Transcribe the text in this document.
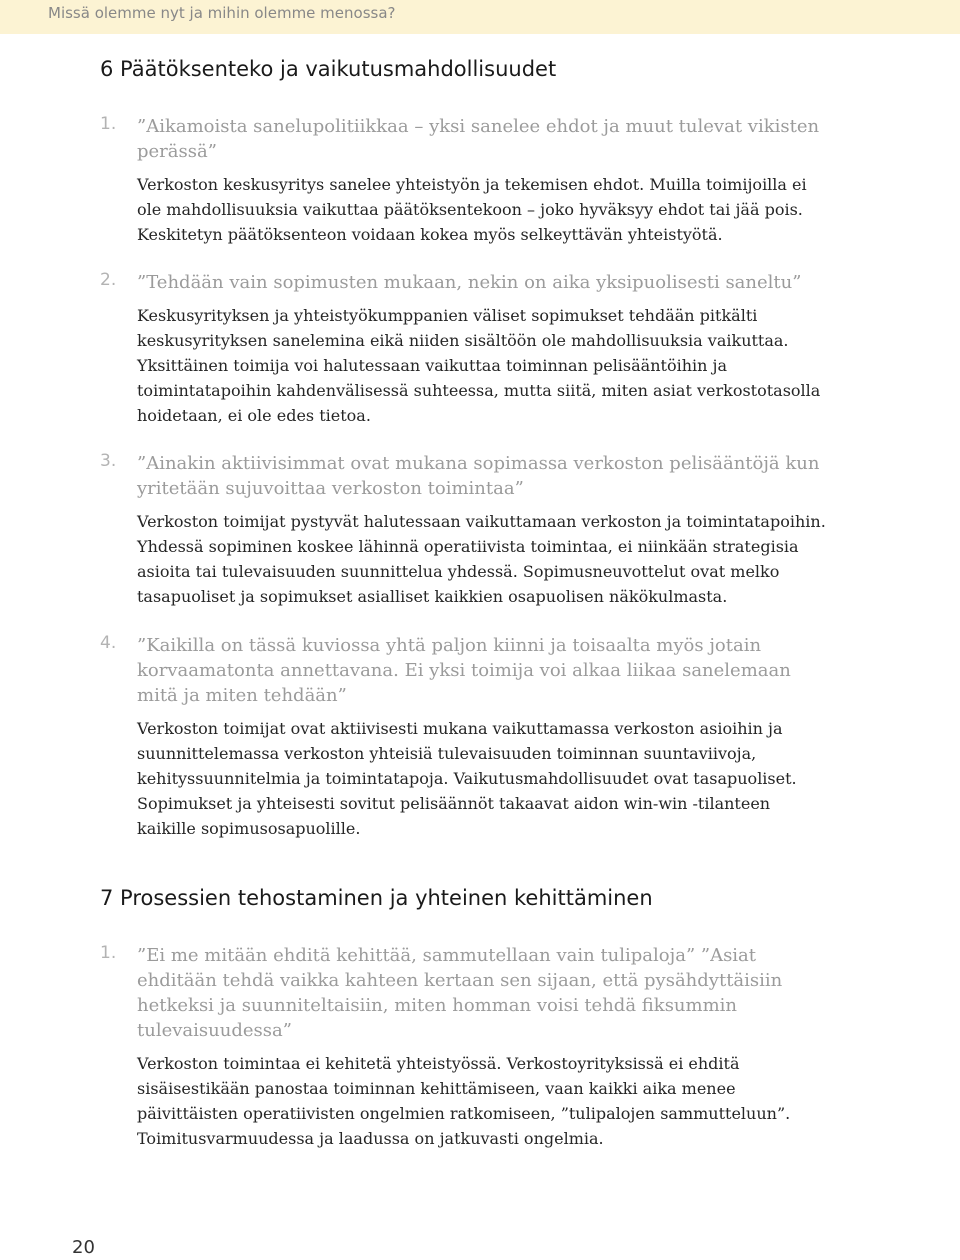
Missä olemme nyt ja mihin olemme menossa?
6 Päätöksenteko ja vaikutusmahdollisuudet
1.	”Aikamoista sanelupolitiikkaa – yksi sanelee ehdot ja muut tulevat vikisten perässä”
Verkoston keskusyritys sanelee yhteistyön ja tekemisen ehdot. Muilla toimijoilla ei ole mahdollisuuksia vaikuttaa päätöksentekoon – joko hyväksyy ehdot tai jää pois. Keskitetyn päätöksenteon voidaan kokea myös selkeyttävän yhteistyötä.
2.	”Tehdään vain sopimusten mukaan, nekin on aika yksipuolisesti saneltu”
Keskusyrityksen ja yhteistyökumppanien väliset sopimukset tehdään pitkälti keskusyrityksen sanelemina eikä niiden sisältöön ole mahdollisuuksia vaikuttaa. Yksittäinen toimija voi halutessaan vaikuttaa toiminnan pelisääntöihin ja toimintatapoihin kahdenvälisessä suhteessa, mutta siitä, miten asiat verkostotasolla hoidetaan, ei ole edes tietoa.
3.	”Ainakin aktiivisimmat ovat mukana sopimassa verkoston pelisääntöjä kun yritetään sujuvoittaa verkoston toimintaa”
Verkoston toimijat pystyvät halutessaan vaikuttamaan verkoston ja toimintatapoihin. Yhdessä sopiminen koskee lähinnä operatiivista toimintaa, ei niinkään strategisia asioita tai tulevaisuuden suunnittelua yhdessä. Sopimusneuvottelut ovat melko tasapuoliset ja sopimukset asialliset kaikkien osapuolisen näkökulmasta.
4.	”Kaikilla on tässä kuviossa yhtä paljon kiinni ja toisaalta myös jotain korvaamatonta annettavana. Ei yksi toimija voi alkaa liikaa sanelemaan mitä ja miten tehdään”
Verkoston toimijat ovat aktiivisesti mukana vaikuttamassa verkoston asioihin ja suunnittelemassa verkoston yhteisiä tulevaisuuden toiminnan suuntaviivoja, kehityssuunnitelmia ja toimintatapoja. Vaikutusmahdollisuudet ovat tasapuoliset. Sopimukset ja yhteisesti sovitut pelisäännöt takaavat aidon win-win -tilanteen kaikille sopimusosapuolille.
7 Prosessien tehostaminen ja yhteinen kehittäminen
1.	”Ei me mitään ehditä kehittää, sammutellaan vain tulipaloja” ”Asiat ehditään tehdä vaikka kahteen kertaan sen sijaan, että pysähdyttäisiin hetkeksi ja suunniteltaisiin, miten homman voisi tehdä fiksummin tulevaisuudessa”
Verkoston toimintaa ei kehitetä yhteistyössä. Verkostoyrityksissä ei ehditä sisäisestikään panostaa toiminnan kehittämiseen, vaan kaikki aika menee päivittäisten operatiivisten ongelmien ratkomiseen, ”tulipalojen sammutteluun”. Toimitusvarmuudessa ja laadussa on jatkuvasti ongelmia.
20
